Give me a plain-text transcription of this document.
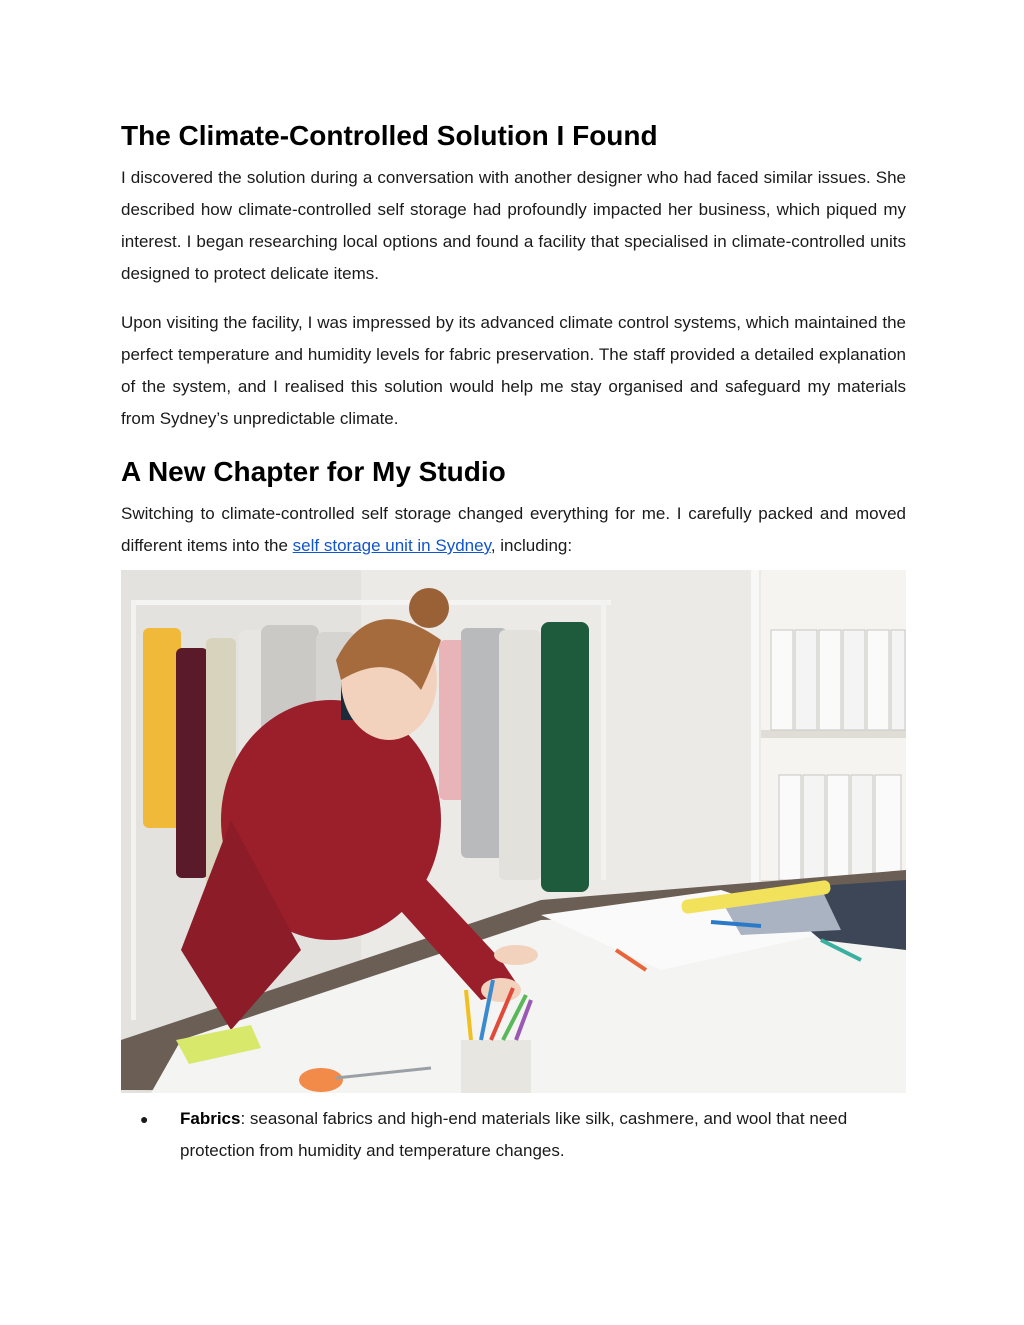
The Climate-Controlled Solution I Found

I discovered the solution during a conversation with another designer who had faced similar issues. She described how climate-controlled self storage had profoundly impacted her business, which piqued my interest. I began researching local options and found a facility that specialised in climate-controlled units designed to protect delicate items.

Upon visiting the facility, I was impressed by its advanced climate control systems, which maintained the perfect temperature and humidity levels for fabric preservation. The staff provided a detailed explanation of the system, and I realised this solution would help me stay organised and safeguard my materials from Sydney’s unpredictable climate.

A New Chapter for My Studio

Switching to climate-controlled self storage changed everything for me. I carefully packed and moved different items into the self storage unit in Sydney, including:

● Fabrics: seasonal fabrics and high-end materials like silk, cashmere, and wool that need protection from humidity and temperature changes.
